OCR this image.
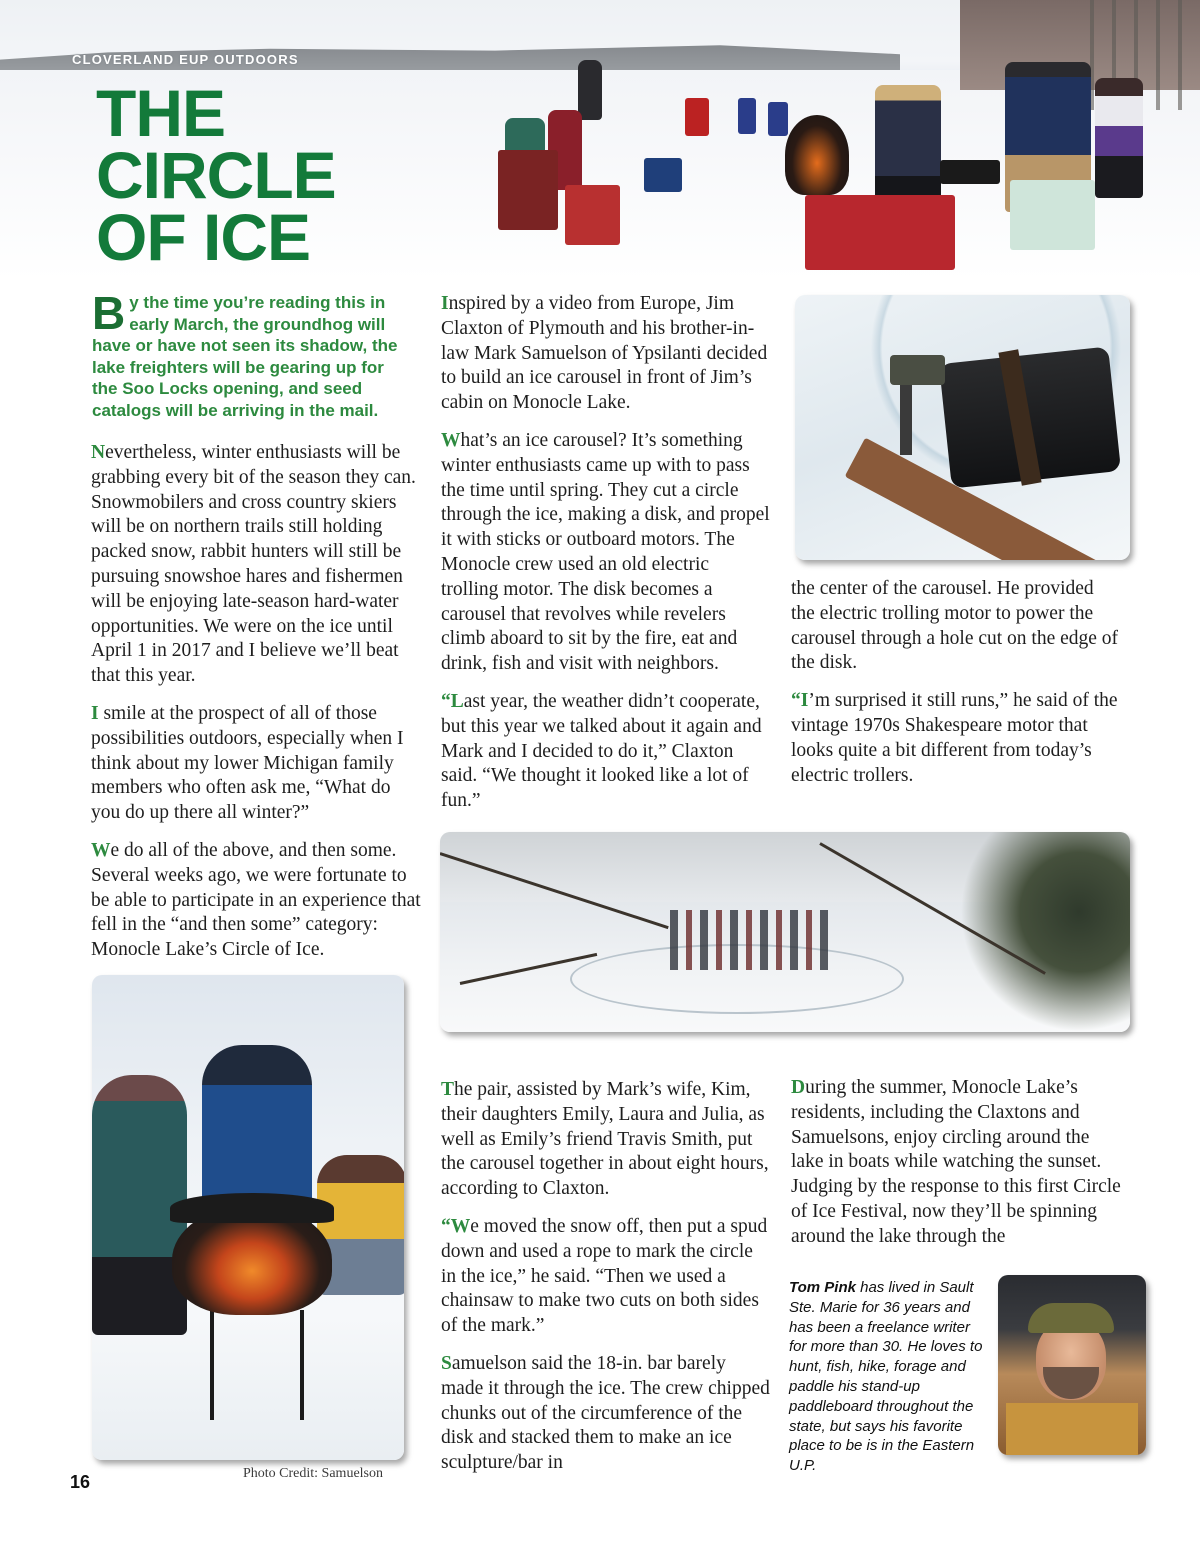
CLOVERLAND EUP OUTDOORS
THE
CIRCLE
OF ICE
By the time you’re reading this in early March, the groundhog will have or have not seen its shadow, the lake freighters will be gearing up for the Soo Locks opening, and seed catalogs will be arriving in the mail.

Nevertheless, winter enthusiasts will be grabbing every bit of the season they can. Snowmobilers and cross country skiers will be on northern trails still holding packed snow, rabbit hunters will still be pursuing snowshoe hares and fishermen will be enjoying late-season hard-water opportunities. We were on the ice until April 1 in 2017 and I believe we’ll beat that this year.

I smile at the prospect of all of those possibilities outdoors, especially when I think about my lower Michigan family members who often ask me, “What do you do up there all winter?”

We do all of the above, and then some. Several weeks ago, we were fortunate to be able to participate in an experience that fell in the “and then some” category: Monocle Lake’s Circle of Ice.

Inspired by a video from Europe, Jim Claxton of Plymouth and his brother-in-law Mark Samuelson of Ypsilanti decided to build an ice carousel in front of Jim’s cabin on Monocle Lake.

What’s an ice carousel? It’s something winter enthusiasts came up with to pass the time until spring. They cut a circle through the ice, making a disk, and propel it with sticks or outboard motors. The Monocle crew used an old electric trolling motor. The disk becomes a carousel that revolves while revelers climb aboard to sit by the fire, eat and drink, fish and visit with neighbors.

“Last year, the weather didn’t cooperate, but this year we talked about it again and Mark and I decided to do it,” Claxton said. “We thought it looked like a lot of fun.”

the center of the carousel. He provided the electric trolling motor to power the carousel through a hole cut on the edge of the disk.

“I’m surprised it still runs,” he said of the vintage 1970s Shakespeare motor that looks quite a bit different from today’s electric trollers.

Photo Credit: Samuelson
16

The pair, assisted by Mark’s wife, Kim, their daughters Emily, Laura and Julia, as well as Emily’s friend Travis Smith, put the carousel together in about eight hours, according to Claxton.

“We moved the snow off, then put a spud down and used a rope to mark the circle in the ice,” he said. “Then we used a chainsaw to make two cuts on both sides of the mark.”

Samuelson said the 18-in. bar barely made it through the ice. The crew chipped chunks out of the circumference of the disk and stacked them to make an ice sculpture/bar in

During the summer, Monocle Lake’s residents, including the Claxtons and Samuelsons, enjoy circling around the lake in boats while watching the sunset. Judging by the response to this first Circle of Ice Festival, now they’ll be spinning around the lake through the

Tom Pink has lived in Sault Ste. Marie for 36 years and has been a freelance writer for more than 30. He loves to hunt, fish, hike, forage and paddle his stand-up paddleboard throughout the state, but says his favorite place to be is in the Eastern U.P.
